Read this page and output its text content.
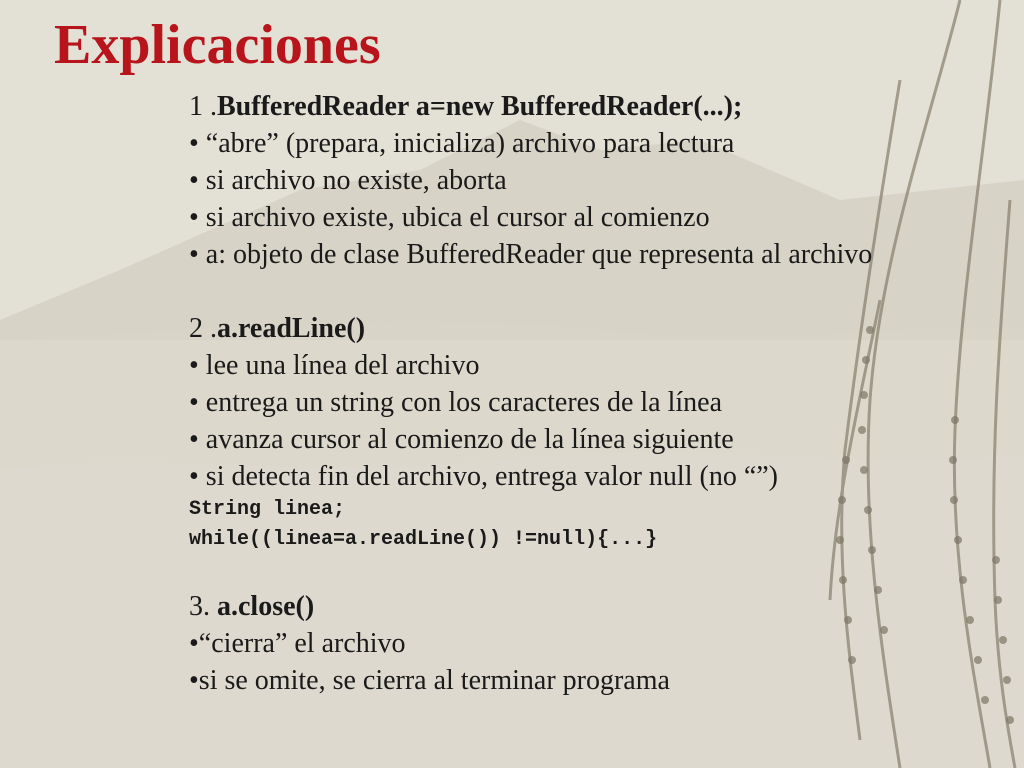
Explicaciones
1 .BufferedReader a=new BufferedReader(...);
• “abre” (prepara, inicializa) archivo para lectura
• si archivo no existe, aborta
• si archivo existe, ubica el cursor al comienzo
• a: objeto de clase BufferedReader que representa al archivo
2 .a.readLine()
• lee una línea del archivo
• entrega un string con los caracteres de la línea
• avanza cursor al comienzo de la línea siguiente
• si detecta fin del archivo, entrega valor null (no “”)
String linea;
while((linea=a.readLine()) !=null){...}
3. a.close()
•“cierra” el archivo
•si se omite, se cierra al terminar programa
